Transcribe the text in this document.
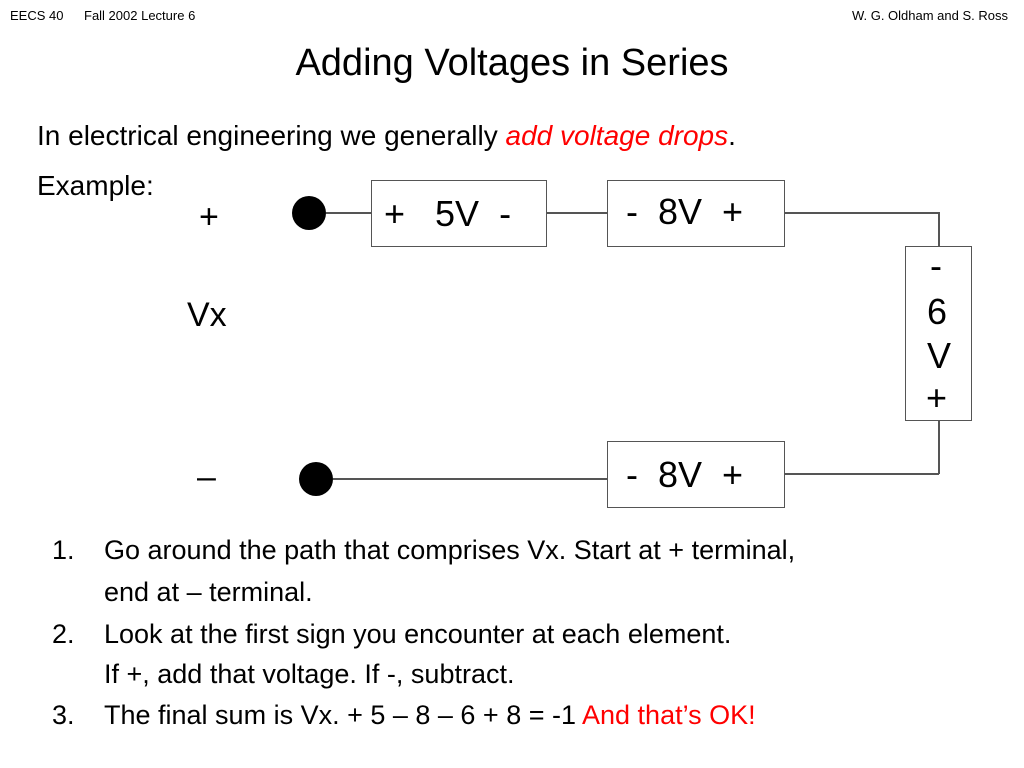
EECS 40 Fall 2002 Lecture 6	W. G. Oldham and S. Ross
Adding Voltages in Series
In electrical engineering we generally add voltage drops.
Example:
+
Vx
–
+   5V  -	-  8V  +
-
6
V
+
-  8V  +
1. Go around the path that comprises Vx. Start at + terminal,
end at – terminal.
2. Look at the first sign you encounter at each element.
If +, add that voltage. If -, subtract.
3. The final sum is Vx. + 5 – 8 – 6 + 8 = -1 And that’s OK!
